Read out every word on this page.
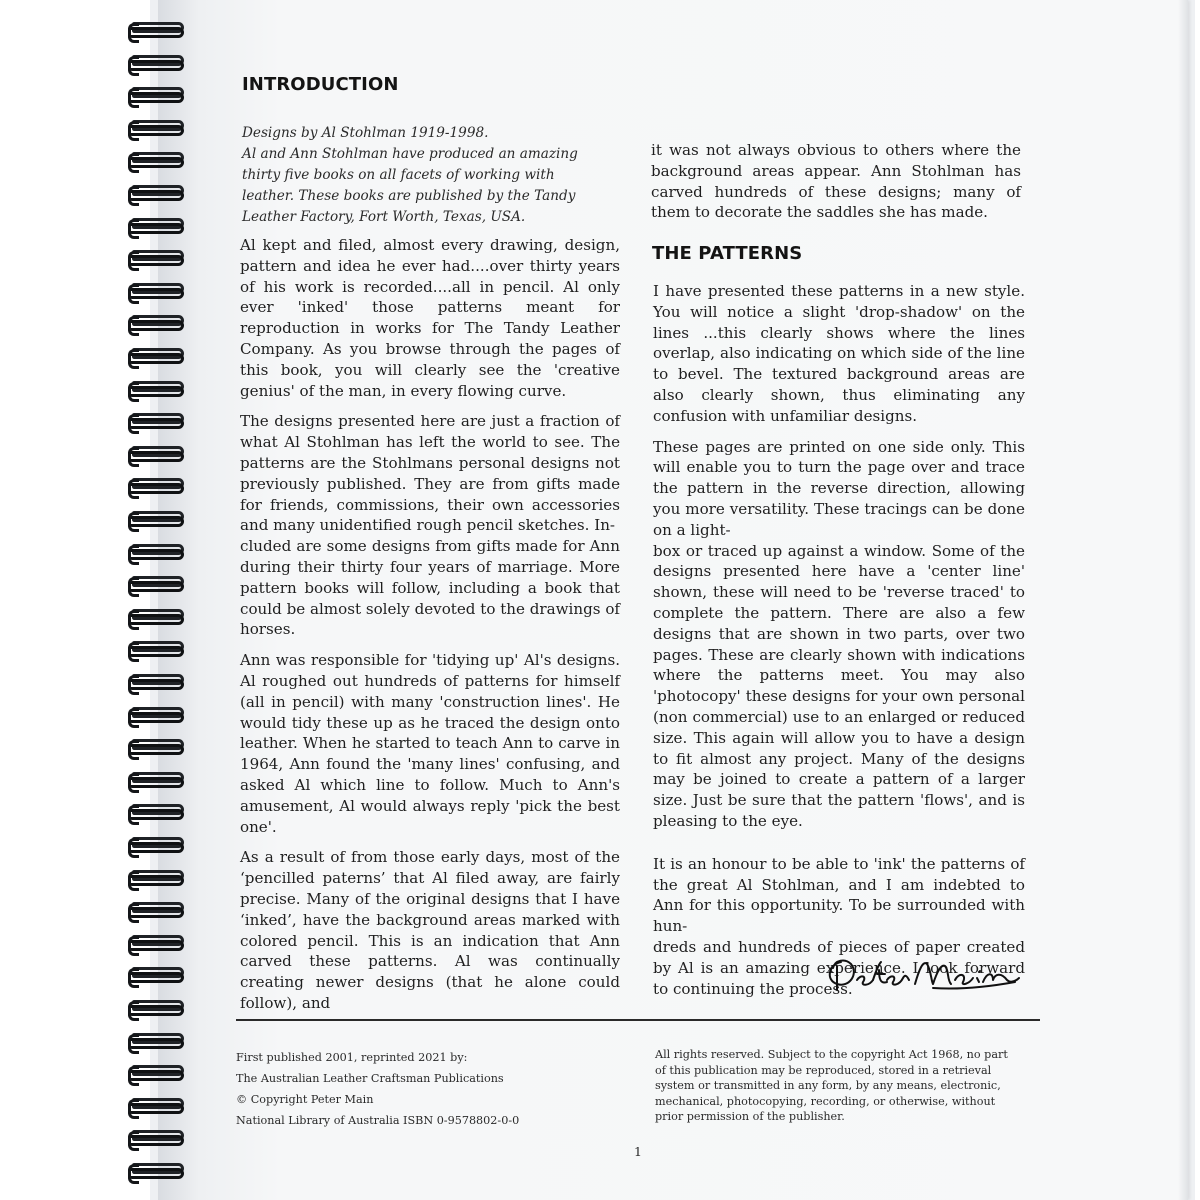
INTRODUCTION
Designs by Al Stohlman 1919-1998.
Al and Ann Stohlman have produced an amazing
thirty five books on all facets of working with
leather. These books are published by the Tandy
Leather Factory, Fort Worth, Texas, USA.

Al kept and filed, almost every drawing, design, pattern and idea he ever had....over thirty years of his work is recorded....all in pencil. Al only ever 'inked' those patterns meant for reproduction in works for The Tandy Leather Company. As you browse through the pages of this book, you will clearly see the 'creative genius' of the man, in every flowing curve.

The designs presented here are just a fraction of what Al Stohlman has left the world to see. The patterns are the Stohlmans personal designs not previously published. They are from gifts made for friends, commissions, their own accessories and many unidentified rough pencil sketches. In-
cluded are some designs from gifts made for Ann during their thirty four years of marriage. More pattern books will follow, including a book that could be almost solely devoted to the drawings of horses.

Ann was responsible for 'tidying up' Al's designs. Al roughed out hundreds of patterns for himself (all in pencil) with many 'construction lines'. He would tidy these up as he traced the design onto leather. When he started to teach Ann to carve in 1964, Ann found the 'many lines' confusing, and asked Al which line to follow. Much to Ann's amusement, Al would always reply 'pick the best one'.

As a result of from those early days, most of the ‘pencilled paterns’ that Al filed away, are fairly precise. Many of the original designs that I have ‘inked’, have the background areas marked with colored pencil. This is an indication that Ann carved these patterns. Al was continually creating newer designs (that he alone could follow), and

it was not always obvious to others where the background areas appear. Ann Stohlman has carved hundreds of these designs; many of them to decorate the saddles she has made.

THE PATTERNS

I have presented these patterns in a new style. You will notice a slight 'drop-shadow' on the lines ...this clearly shows where the lines overlap, also indicating on which side of the line to bevel. The textured background areas are also clearly shown, thus eliminating any confusion with unfamiliar designs.

These pages are printed on one side only. This will enable you to turn the page over and trace the pattern in the reverse direction, allowing you more versatility. These tracings can be done on a light-
box or traced up against a window. Some of the designs presented here have a 'center line' shown, these will need to be 'reverse traced' to complete the pattern. There are also a few designs that are shown in two parts, over two pages. These are clearly shown with indications where the patterns meet. You may also 'photocopy' these designs for your own personal (non commercial) use to an enlarged or reduced size. This again will allow you to have a design to fit almost any project. Many of the designs may be joined to create a pattern of a larger size. Just be sure that the pattern 'flows', and is pleasing to the eye.

It is an honour to be able to 'ink' the patterns of the great Al Stohlman, and I am indebted to Ann for this opportunity. To be surrounded with hun-
dreds and hundreds of pieces of paper created by Al is an amazing experience. I look forward to continuing the process.

First published 2001, reprinted 2021 by:
The Australian Leather Craftsman Publications
© Copyright Peter Main
National Library of Australia ISBN 0-9578802-0-0
All rights reserved. Subject to the copyright Act 1968, no part
of this publication may be reproduced, stored in a retrieval
system or transmitted in any form, by any means, electronic,
mechanical, photocopying, recording, or otherwise, without
prior permission of the publisher.
1
